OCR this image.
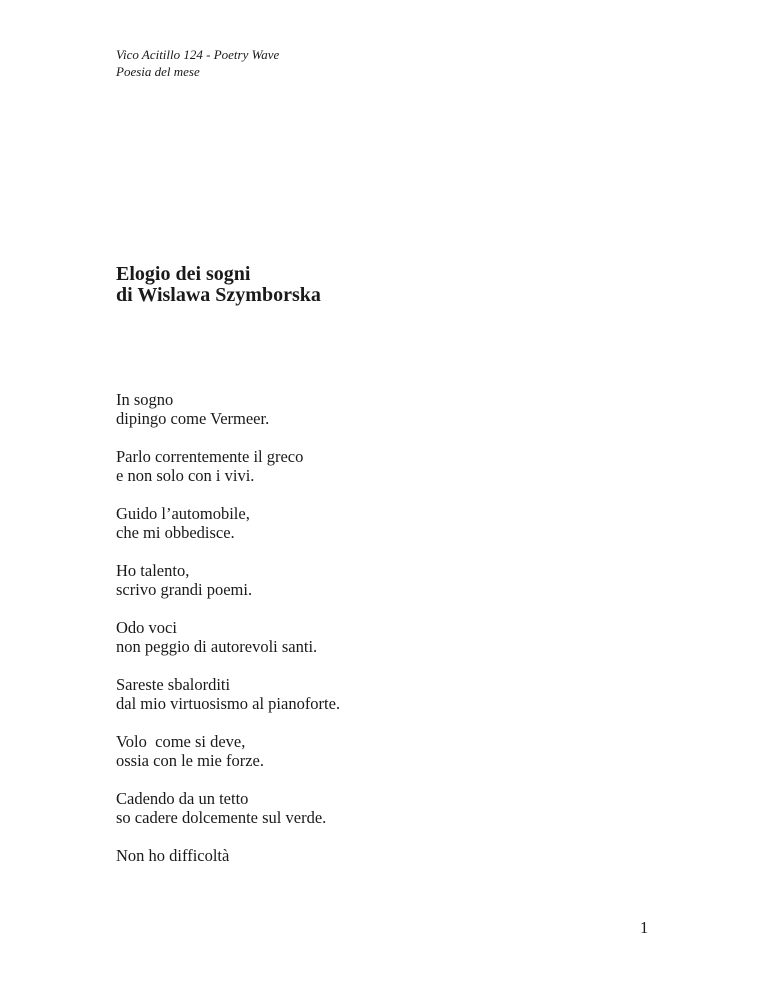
Vico Acitillo 124 - Poetry Wave
Poesia del mese
Elogio dei sogni
di Wislawa Szymborska
In sogno
dipingo come Vermeer.
Parlo correntemente il greco
e non solo con i vivi.
Guido l’automobile,
che mi obbedisce.
Ho talento,
scrivo grandi poemi.
Odo voci
non peggio di autorevoli santi.
Sareste sbalorditi
dal mio virtuosismo al pianoforte.
Volo  come si deve,
ossia con le mie forze.
Cadendo da un tetto
so cadere dolcemente sul verde.
Non ho difficoltà
1
